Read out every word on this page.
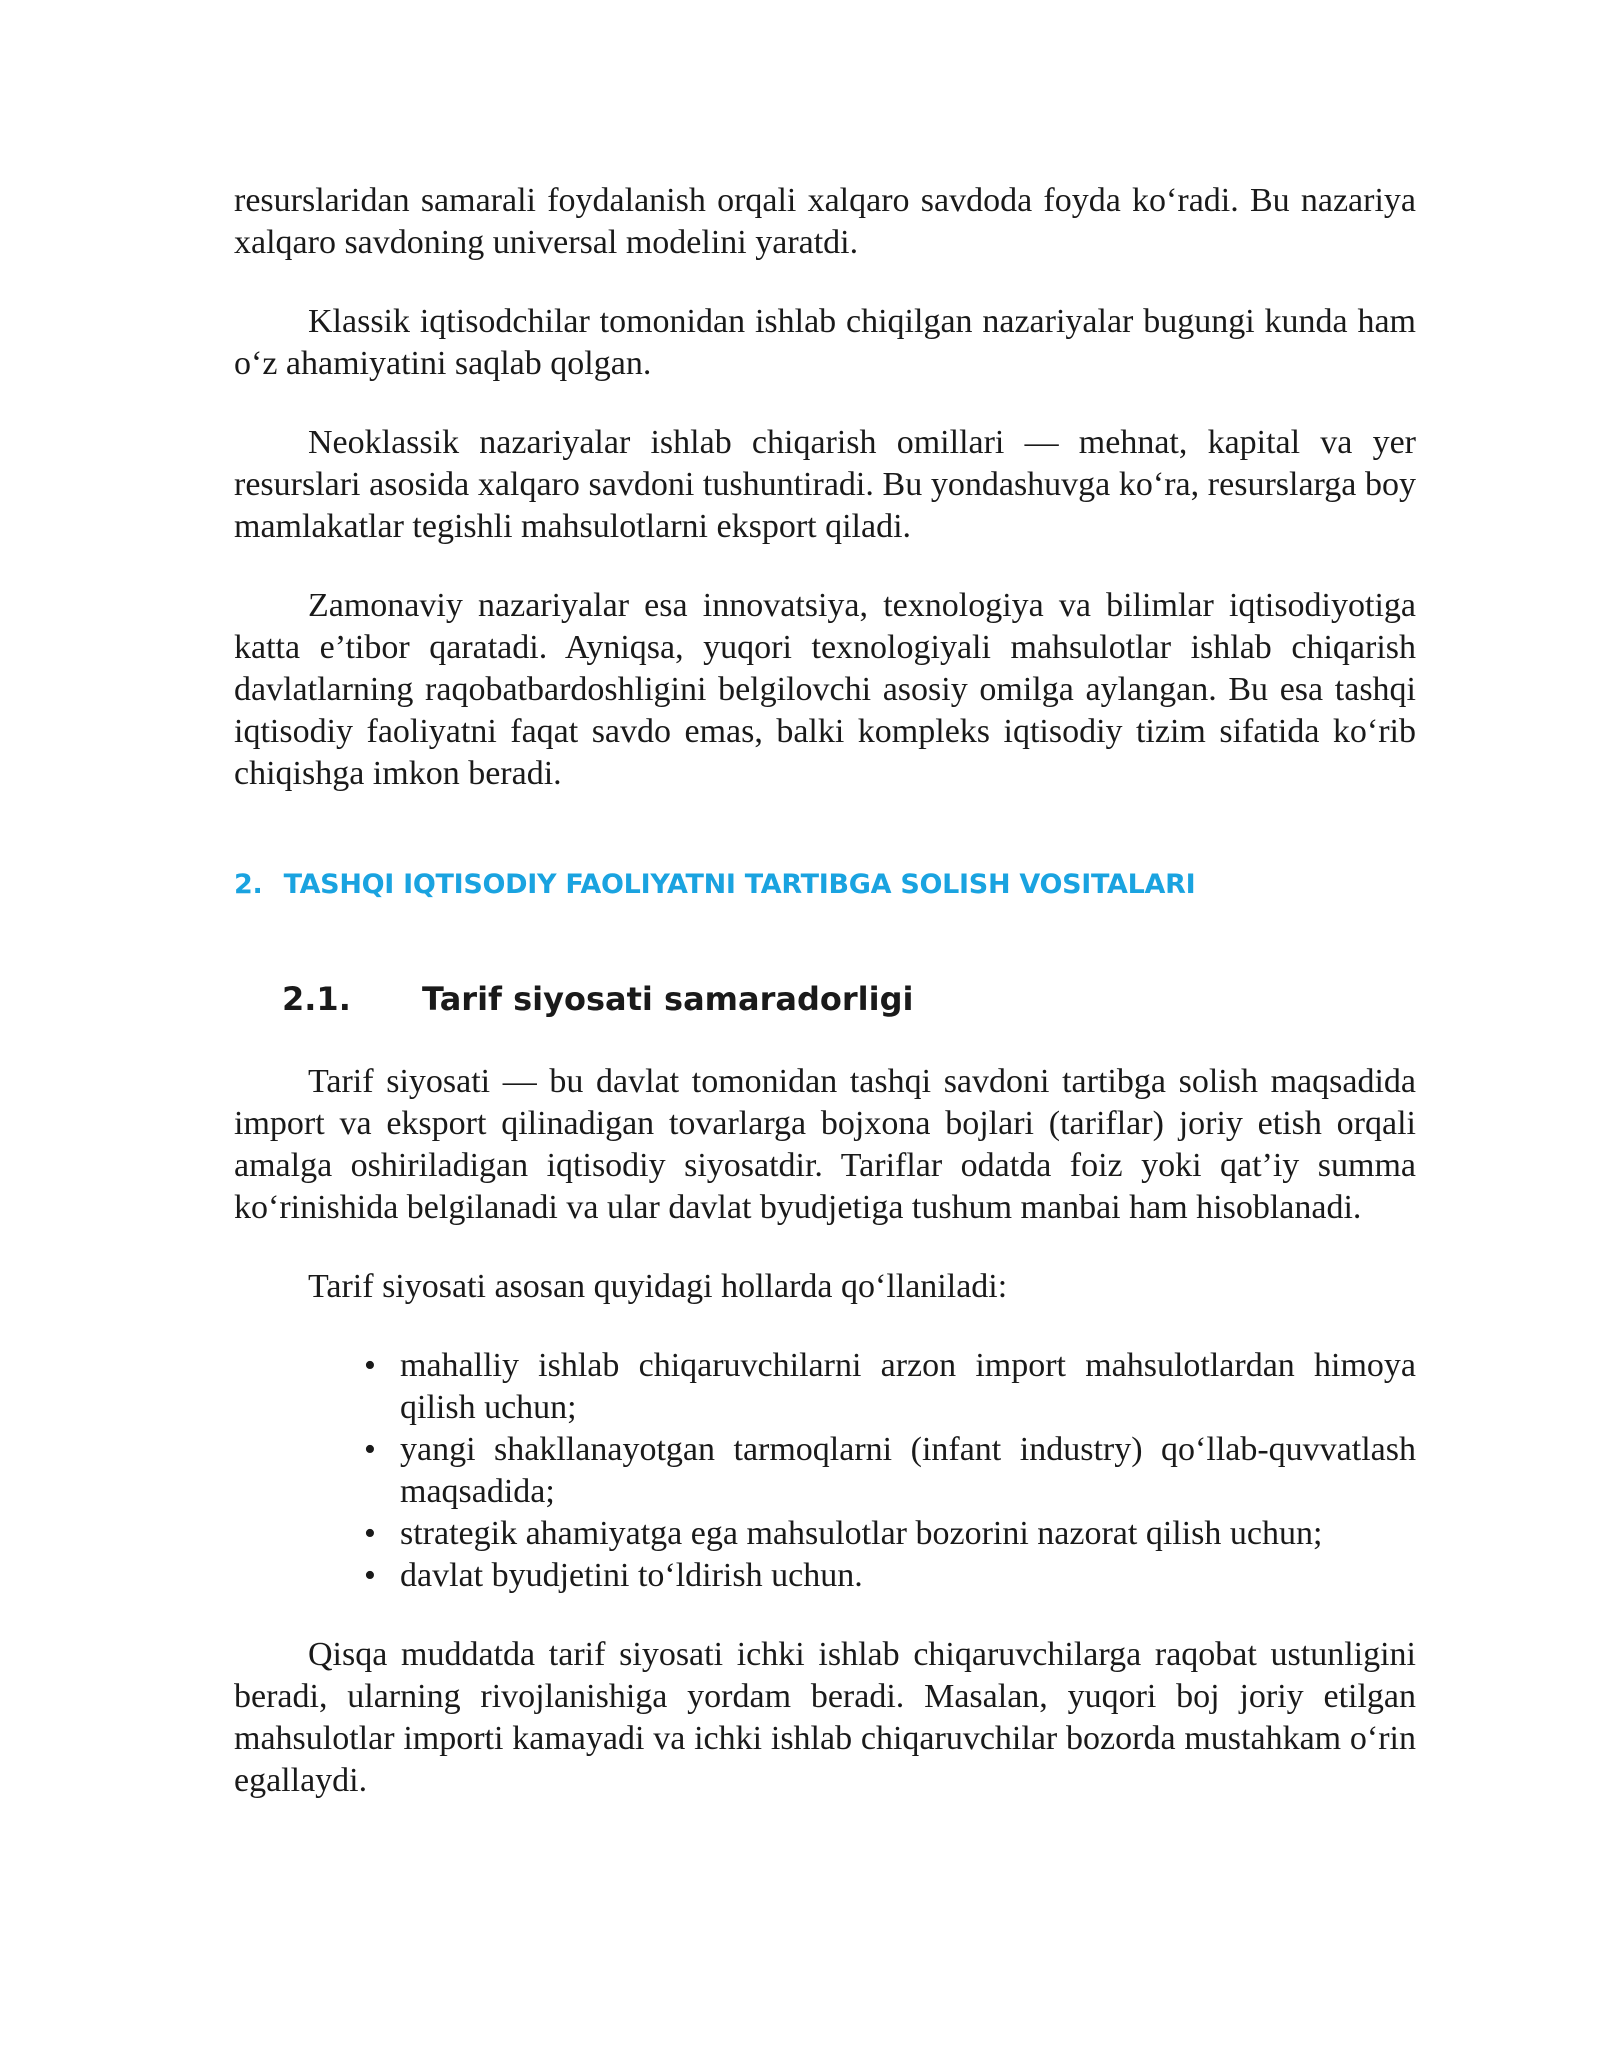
resurslaridan samarali foydalanish orqali xalqaro savdoda foyda ko‘radi. Bu nazariya xalqaro savdoning universal modelini yaratdi.

Klassik iqtisodchilar tomonidan ishlab chiqilgan nazariyalar bugungi kunda ham o‘z ahamiyatini saqlab qolgan.

Neoklassik nazariyalar ishlab chiqarish omillari — mehnat, kapital va yer resurslari asosida xalqaro savdoni tushuntiradi. Bu yondashuvga ko‘ra, resurslarga boy mamlakatlar tegishli mahsulotlarni eksport qiladi.

Zamonaviy nazariyalar esa innovatsiya, texnologiya va bilimlar iqtisodiyotiga katta e’tibor qaratadi. Ayniqsa, yuqori texnologiyali mahsulotlar ishlab chiqarish davlatlarning raqobatbardoshligini belgilovchi asosiy omilga aylangan. Bu esa tashqi iqtisodiy faoliyatni faqat savdo emas, balki kompleks iqtisodiy tizim sifatida ko‘rib chiqishga imkon beradi.

2. TASHQI IQTISODIY FAOLIYATNI TARTIBGA SOLISH VOSITALARI
2.1.	Tarif siyosati samaradorligi

Tarif siyosati — bu davlat tomonidan tashqi savdoni tartibga solish maqsadida import va eksport qilinadigan tovarlarga bojxona bojlari (tariflar) joriy etish orqali amalga oshiriladigan iqtisodiy siyosatdir. Tariflar odatda foiz yoki qat’iy summa ko‘rinishida belgilanadi va ular davlat byudjetiga tushum manbai ham hisoblanadi.

Tarif siyosati asosan quyidagi hollarda qo‘llaniladi:

• mahalliy ishlab chiqaruvchilarni arzon import mahsulotlardan himoya qilish uchun;
• yangi shakllanayotgan tarmoqlarni (infant industry) qo‘llab-quvvatlash maqsadida;
• strategik ahamiyatga ega mahsulotlar bozorini nazorat qilish uchun;
• davlat byudjetini to‘ldirish uchun.

Qisqa muddatda tarif siyosati ichki ishlab chiqaruvchilarga raqobat ustunligini beradi, ularning rivojlanishiga yordam beradi. Masalan, yuqori boj joriy etilgan mahsulotlar importi kamayadi va ichki ishlab chiqaruvchilar bozorda mustahkam o‘rin egallaydi.
